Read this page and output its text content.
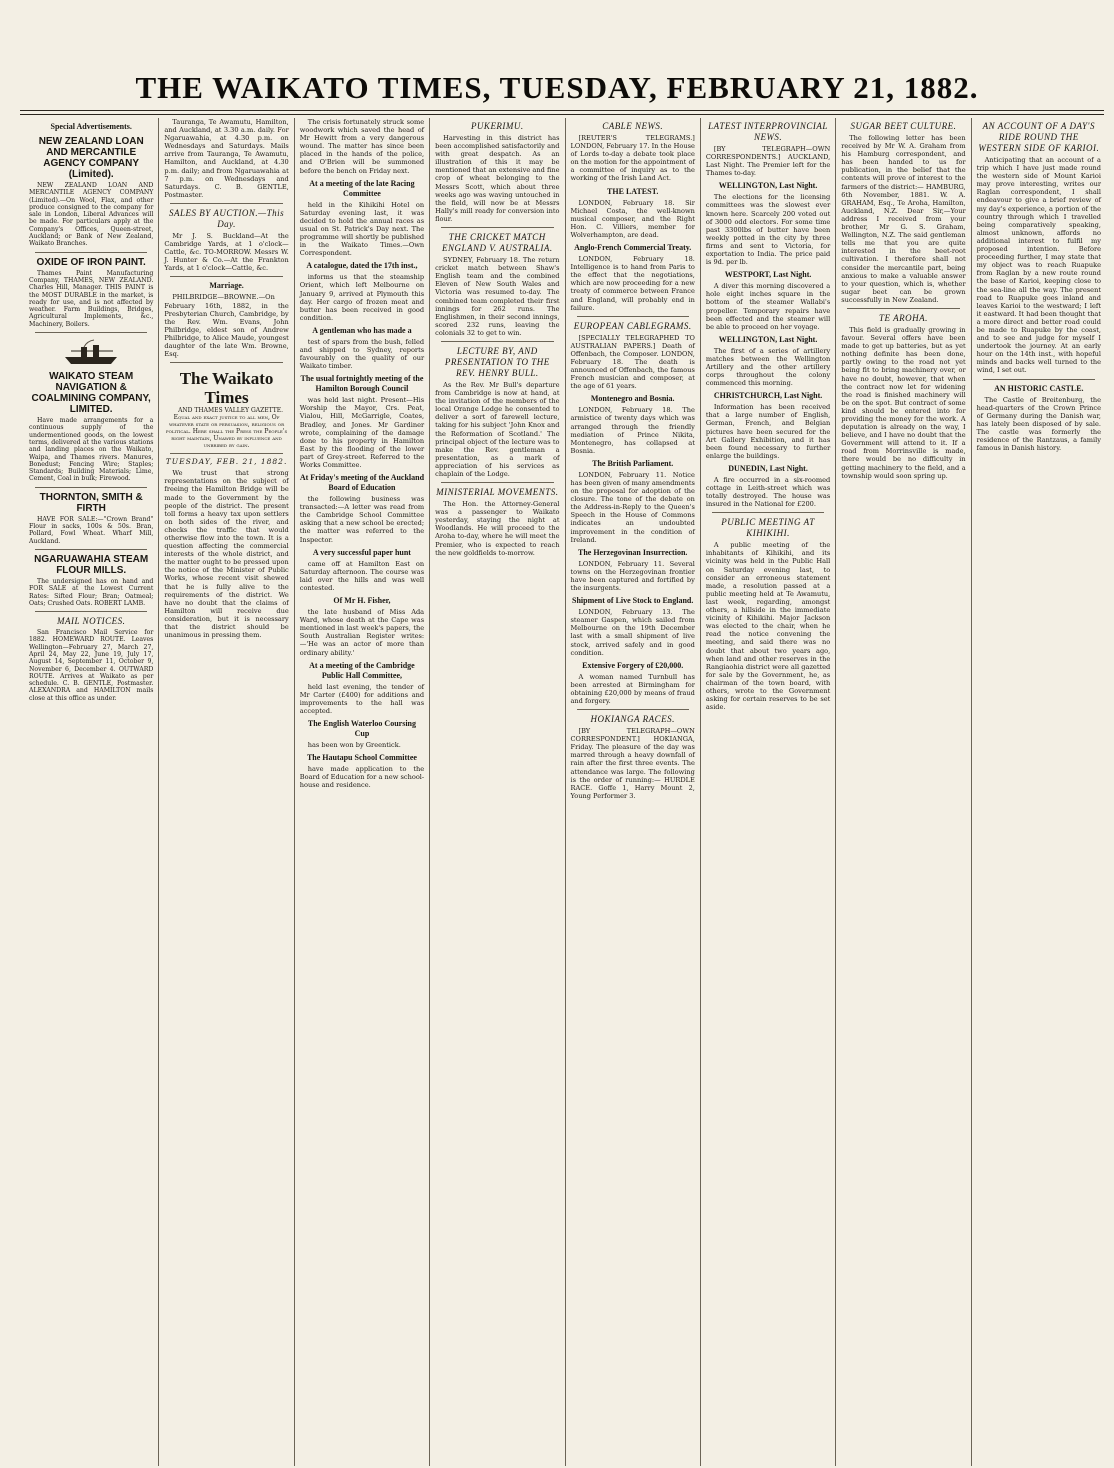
THE WAIKATO TIMES, TUESDAY, FEBRUARY 21, 1882.
Special Advertisements.
NEW ZEALAND LOAN AND MERCANTILE AGENCY COMPANY (Limited).

NEW ZEALAND LOAN AND MERCANTILE AGENCY COMPANY (Limited).—On Wool, Flax, and other produce consigned to the company for sale in London, Liberal Advances will be made. For particulars apply at the Company's Offices, Queen-street, Auckland; or Bank of New Zealand, Waikato Branches.

OXIDE OF IRON PAINT.

Thames Paint Manufacturing Company, THAMES, NEW ZEALAND. Charles Hill, Manager. THIS PAINT is the MOST DURABLE in the market, is ready for use, and is not affected by weather. Farm Buildings, Bridges, Agricultural Implements, &c., Machinery, Boilers.

WAIKATO STEAM NAVIGATION & COALMINING COMPANY, LIMITED.

Have made arrangements for a continuous supply of the undermentioned goods, on the lowest terms, delivered at the various stations and landing places on the Waikato, Waipa, and Thames rivers. Manures, Bonedust; Fencing Wire; Staples; Standards; Building Materials; Lime, Cement, Coal in bulk; Firewood.

THORNTON, SMITH & FIRTH

HAVE FOR SALE:—"Crown Brand" Flour in sacks, 100s & 50s. Bran, Pollard, Fowl Wheat. Wharf Mill, Auckland.

NGARUAWAHIA STEAM FLOUR MILLS.

The undersigned has on hand and FOR SALE at the Lowest Current Rates: Sifted Flour; Bran; Oatmeal; Oats; Crushed Oats. ROBERT LAMB.

MAIL NOTICES.

San Francisco Mail Service for 1882. HOMEWARD ROUTE. Leaves Wellington—February 27, March 27, April 24, May 22, June 19, July 17, August 14, September 11, October 9, November 6, December 4. OUTWARD ROUTE. Arrives at Waikato as per schedule. C. B. GENTLE, Postmaster. ALEXANDRA and HAMILTON mails close at this office as under.

Tauranga, Te Awamutu, Hamilton, and Auckland, at 3.30 a.m. daily. For Ngaruawahia, at 4.30 p.m. on Wednesdays and Saturdays. Mails arrive from Tauranga, Te Awamutu, Hamilton, and Auckland, at 4.30 p.m. daily; and from Ngaruawahia at 7 p.m. on Wednesdays and Saturdays. C. B. GENTLE, Postmaster.

SALES BY AUCTION.—This Day.

Mr J. S. Buckland—At the Cambridge Yards, at 1 o'clock—Cattle, &c. TO-MORROW. Messrs W. J. Hunter & Co.—At the Frankton Yards, at 1 o'clock—Cattle, &c.

Marriage.

PHILBRIDGE—BROWNE.—On February 16th, 1882, in the Presbyterian Church, Cambridge, by the Rev. Wm. Evans, John Philbridge, eldest son of Andrew Philbridge, to Alice Maude, youngest daughter of the late Wm. Browne, Esq.

The Waikato Times

AND THAMES VALLEY GAZETTE. Equal and exact justice to all men, Of whatever state or persuasion, religious or political. Here shall the Press the People's right maintain, Unawed by influence and unbribed by gain.

TUESDAY, FEB. 21, 1882.

We trust that strong representations on the subject of freeing the Hamilton Bridge will be made to the Government by the people of the district. The present toll forms a heavy tax upon settlers on both sides of the river, and checks the traffic that would otherwise flow into the town. It is a question affecting the commercial interests of the whole district, and the matter ought to be pressed upon the notice of the Minister of Public Works, whose recent visit shewed that he is fully alive to the requirements of the district. We have no doubt that the claims of Hamilton will receive due consideration, but it is necessary that the district should be unanimous in pressing them.

The crisis fortunately struck some woodwork which saved the head of Mr Hewitt from a very dangerous wound. The matter has since been placed in the hands of the police, and O'Brien will be summoned before the bench on Friday next.

At a meeting of the late Racing Committee

held in the Kihikihi Hotel on Saturday evening last, it was decided to hold the annual races as usual on St. Patrick's Day next. The programme will shortly be published in the Waikato Times.—Own Correspondent.

A catalogue, dated the 17th inst.,

informs us that the steamship Orient, which left Melbourne on January 9, arrived at Plymouth this day. Her cargo of frozen meat and butter has been received in good condition.

A gentleman who has made a

test of spars from the bush, felled and shipped to Sydney, reports favourably on the quality of our Waikato timber.

The usual fortnightly meeting of the Hamilton Borough Council

was held last night. Present—His Worship the Mayor, Crs. Peat, Vialou, Hill, McGarrigle, Coates, Bradley, and Jones. Mr Gardiner wrote, complaining of the damage done to his property in Hamilton East by the flooding of the lower part of Grey-street. Referred to the Works Committee.

At Friday's meeting of the Auckland Board of Education

the following business was transacted:—A letter was read from the Cambridge School Committee asking that a new school be erected; the matter was referred to the Inspector.

A very successful paper hunt

came off at Hamilton East on Saturday afternoon. The course was laid over the hills and was well contested.

Of Mr H. Fisher,

the late husband of Miss Ada Ward, whose death at the Cape was mentioned in last week's papers, the South Australian Register writes:—'He was an actor of more than ordinary ability.'

At a meeting of the Cambridge Public Hall Committee,

held last evening, the tender of Mr Carter (£400) for additions and improvements to the hall was accepted.

The English Waterloo Coursing Cup

has been won by Greentick.

The Hautapu School Committee

have made application to the Board of Education for a new school-house and residence.

PUKERIMU.

Harvesting in this district has been accomplished satisfactorily and with great despatch. As an illustration of this it may be mentioned that an extensive and fine crop of wheat belonging to the Messrs Scott, which about three weeks ago was waving untouched in the field, will now be at Messrs Hally's mill ready for conversion into flour.

THE CRICKET MATCH ENGLAND V. AUSTRALIA.

SYDNEY, February 18. The return cricket match between Shaw's English team and the combined Eleven of New South Wales and Victoria was resumed to-day. The combined team completed their first innings for 262 runs. The Englishmen, in their second innings, scored 232 runs, leaving the colonials 32 to get to win.

LECTURE BY, AND PRESENTATION TO THE REV. HENRY BULL.

As the Rev. Mr Bull's departure from Cambridge is now at hand, at the invitation of the members of the local Orange Lodge he consented to deliver a sort of farewell lecture, taking for his subject 'John Knox and the Reformation of Scotland.' The principal object of the lecture was to make the Rev. gentleman a presentation, as a mark of appreciation of his services as chaplain of the Lodge.

MINISTERIAL MOVEMENTS.

The Hon. the Attorney-General was a passenger to Waikato yesterday, staying the night at Woodlands. He will proceed to the Aroha to-day, where he will meet the Premier, who is expected to reach the new goldfields to-morrow.

CABLE NEWS.

[REUTER'S TELEGRAMS.] LONDON, February 17. In the House of Lords to-day a debate took place on the motion for the appointment of a committee of inquiry as to the working of the Irish Land Act.

THE LATEST.

LONDON, February 18. Sir Michael Costa, the well-known musical composer, and the Right Hon. C. Villiers, member for Wolverhampton, are dead.

Anglo-French Commercial Treaty.

LONDON, February 18. Intelligence is to hand from Paris to the effect that the negotiations, which are now proceeding for a new treaty of commerce between France and England, will probably end in failure.

EUROPEAN CABLEGRAMS.

[SPECIALLY TELEGRAPHED TO AUSTRALIAN PAPERS.] Death of Offenbach, the Composer. LONDON, February 18. The death is announced of Offenbach, the famous French musician and composer, at the age of 61 years.

Montenegro and Bosnia.

LONDON, February 18. The armistice of twenty days which was arranged through the friendly mediation of Prince Nikita, Montenegro, has collapsed at Bosnia.

The British Parliament.

LONDON, February 11. Notice has been given of many amendments on the proposal for adoption of the closure. The tone of the debate on the Address-in-Reply to the Queen's Speech in the House of Commons indicates an undoubted improvement in the condition of Ireland.

The Herzegovinan Insurrection.

LONDON, February 11. Several towns on the Herzegovinan frontier have been captured and fortified by the insurgents.

Shipment of Live Stock to England.

LONDON, February 13. The steamer Gaspen, which sailed from Melbourne on the 19th December last with a small shipment of live stock, arrived safely and in good condition.

Extensive Forgery of £20,000.

A woman named Turnbull has been arrested at Birmingham for obtaining £20,000 by means of fraud and forgery.

HOKIANGA RACES.

[BY TELEGRAPH—OWN CORRESPONDENT.] HOKIANGA, Friday. The pleasure of the day was marred through a heavy downfall of rain after the first three events. The attendance was large. The following is the order of running:— HURDLE RACE. Goffe 1, Harry Mount 2, Young Performer 3.

LATEST INTERPROVINCIAL NEWS.

[BY TELEGRAPH—OWN CORRESPONDENTS.] AUCKLAND, Last Night. The Premier left for the Thames to-day.

WELLINGTON, Last Night.

The elections for the licensing committees was the slowest ever known here. Scarcely 200 voted out of 3000 odd electors. For some time past 3300lbs of butter have been weekly potted in the city by three firms and sent to Victoria, for exportation to India. The price paid is 9d. per lb.

WESTPORT, Last Night.

A diver this morning discovered a hole eight inches square in the bottom of the steamer Wallabi's propeller. Temporary repairs have been effected and the steamer will be able to proceed on her voyage.

WELLINGTON, Last Night.

The first of a series of artillery matches between the Wellington Artillery and the other artillery corps throughout the colony commenced this morning.

CHRISTCHURCH, Last Night.

Information has been received that a large number of English, German, French, and Belgian pictures have been secured for the Art Gallery Exhibition, and it has been found necessary to further enlarge the buildings.

DUNEDIN, Last Night.

A fire occurred in a six-roomed cottage in Leith-street which was totally destroyed. The house was insured in the National for £200.

PUBLIC MEETING AT KIHIKIHI.

A public meeting of the inhabitants of Kihikihi, and its vicinity was held in the Public Hall on Saturday evening last, to consider an erroneous statement made, a resolution passed at a public meeting held at Te Awamutu, last week, regarding, amongst others, a hillside in the immediate vicinity of Kihikihi. Major Jackson was elected to the chair, when he read the notice convening the meeting, and said there was no doubt that about two years ago, when land and other reserves in the Rangiaohia district were all gazetted for sale by the Government, he, as chairman of the town board, with others, wrote to the Government asking for certain reserves to be set aside.

SUGAR BEET CULTURE.

The following letter has been received by Mr W. A. Graham from his Hamburg correspondent, and has been handed to us for publication, in the belief that the contents will prove of interest to the farmers of the district:— HAMBURG, 6th November, 1881. W. A. GRAHAM, Esq., Te Aroha, Hamilton, Auckland, N.Z. Dear Sir,—Your address I received from your brother, Mr G. S. Graham, Wellington, N.Z. The said gentleman tells me that you are quite interested in the beet-root cultivation. I therefore shall not consider the mercantile part, being anxious to make a valuable answer to your question, which is, whether sugar beet can be grown successfully in New Zealand.

TE AROHA.

This field is gradually growing in favour. Several offers have been made to get up batteries, but as yet nothing definite has been done, partly owing to the road not yet being fit to bring machinery over, or have no doubt, however, that when the contract now let for widening the road is finished machinery will be on the spot. But contract of some kind should be entered into for providing the money for the work. A deputation is already on the way, I believe, and I have no doubt that the Government will attend to it. If a road from Morrinsville is made, there would be no difficulty in getting machinery to the field, and a township would soon spring up.

AN ACCOUNT OF A DAY'S RIDE ROUND THE WESTERN SIDE OF KARIOI.

Anticipating that an account of a trip which I have just made round the western side of Mount Karioi may prove interesting, writes our Raglan correspondent, I shall endeavour to give a brief review of my day's experience, a portion of the country through which I travelled being comparatively speaking, almost unknown, affords no additional interest to fulfil my proposed intention. Before proceeding further, I may state that my object was to reach Ruapuke from Raglan by a new route round the base of Karioi, keeping close to the sea-line all the way. The present road to Ruapuke goes inland and leaves Karioi to the westward; I left it eastward. It had been thought that a more direct and better road could be made to Ruapuke by the coast, and to see and judge for myself I undertook the journey. At an early hour on the 14th inst., with hopeful minds and backs well turned to the wind, I set out.

AN HISTORIC CASTLE.

The Castle of Breitenburg, the head-quarters of the Crown Prince of Germany during the Danish war, has lately been disposed of by sale. The castle was formerly the residence of the Rantzaus, a family famous in Danish history.
